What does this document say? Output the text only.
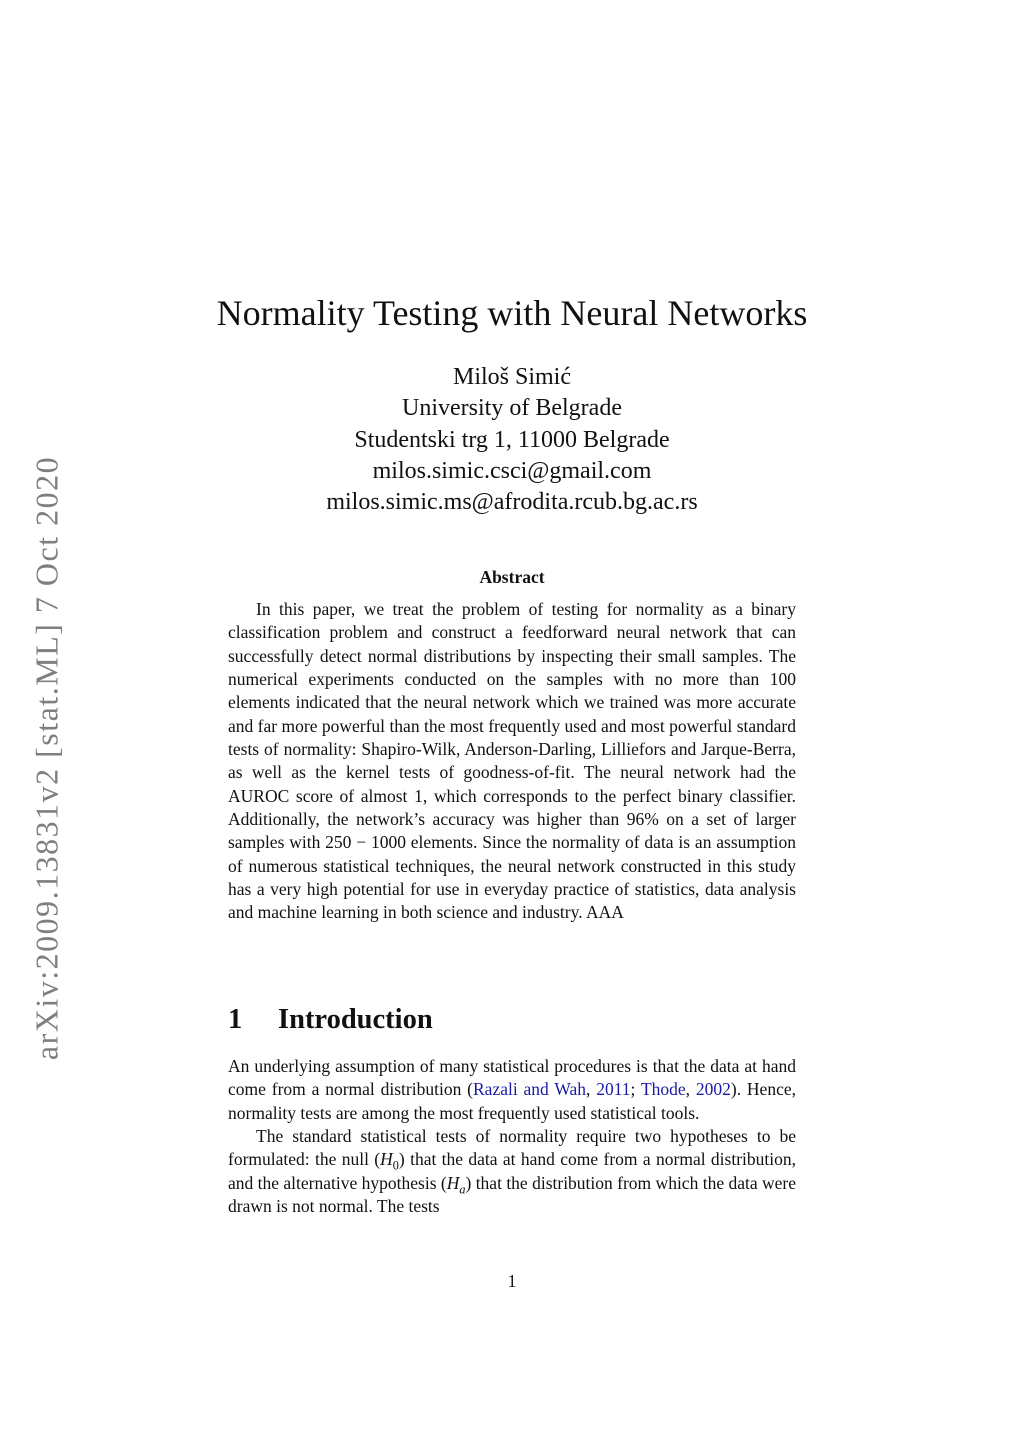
arXiv:2009.13831v2 [stat.ML] 7 Oct 2020
Normality Testing with Neural Networks
Miloš Simić
University of Belgrade
Studentski trg 1, 11000 Belgrade
milos.simic.csci@gmail.com
milos.simic.ms@afrodita.rcub.bg.ac.rs
Abstract

In this paper, we treat the problem of testing for normality as a binary classification problem and construct a feedforward neural network that can successfully detect normal distributions by inspecting their small samples. The numerical experiments conducted on the samples with no more than 100 elements indicated that the neural network which we trained was more accurate and far more powerful than the most frequently used and most powerful standard tests of normality: Shapiro-Wilk, Anderson-Darling, Lilliefors and Jarque-Berra, as well as the kernel tests of goodness-of-fit. The neural network had the AUROC score of almost 1, which corresponds to the perfect binary classifier. Additionally, the network’s accuracy was higher than 96% on a set of larger samples with 250 − 1000 elements. Since the normality of data is an assumption of numerous statistical techniques, the neural network constructed in this study has a very high potential for use in everyday practice of statistics, data analysis and machine learning in both science and industry. AAA

1 Introduction

An underlying assumption of many statistical procedures is that the data at hand come from a normal distribution (Razali and Wah, 2011; Thode, 2002). Hence, normality tests are among the most frequently used statistical tools.

The standard statistical tests of normality require two hypotheses to be formulated: the null $(H_0)$ that the data at hand come from a normal distribution, and the alternative hypothesis $(H_a)$ that the distribution from which the data were drawn is not normal. The tests

1
